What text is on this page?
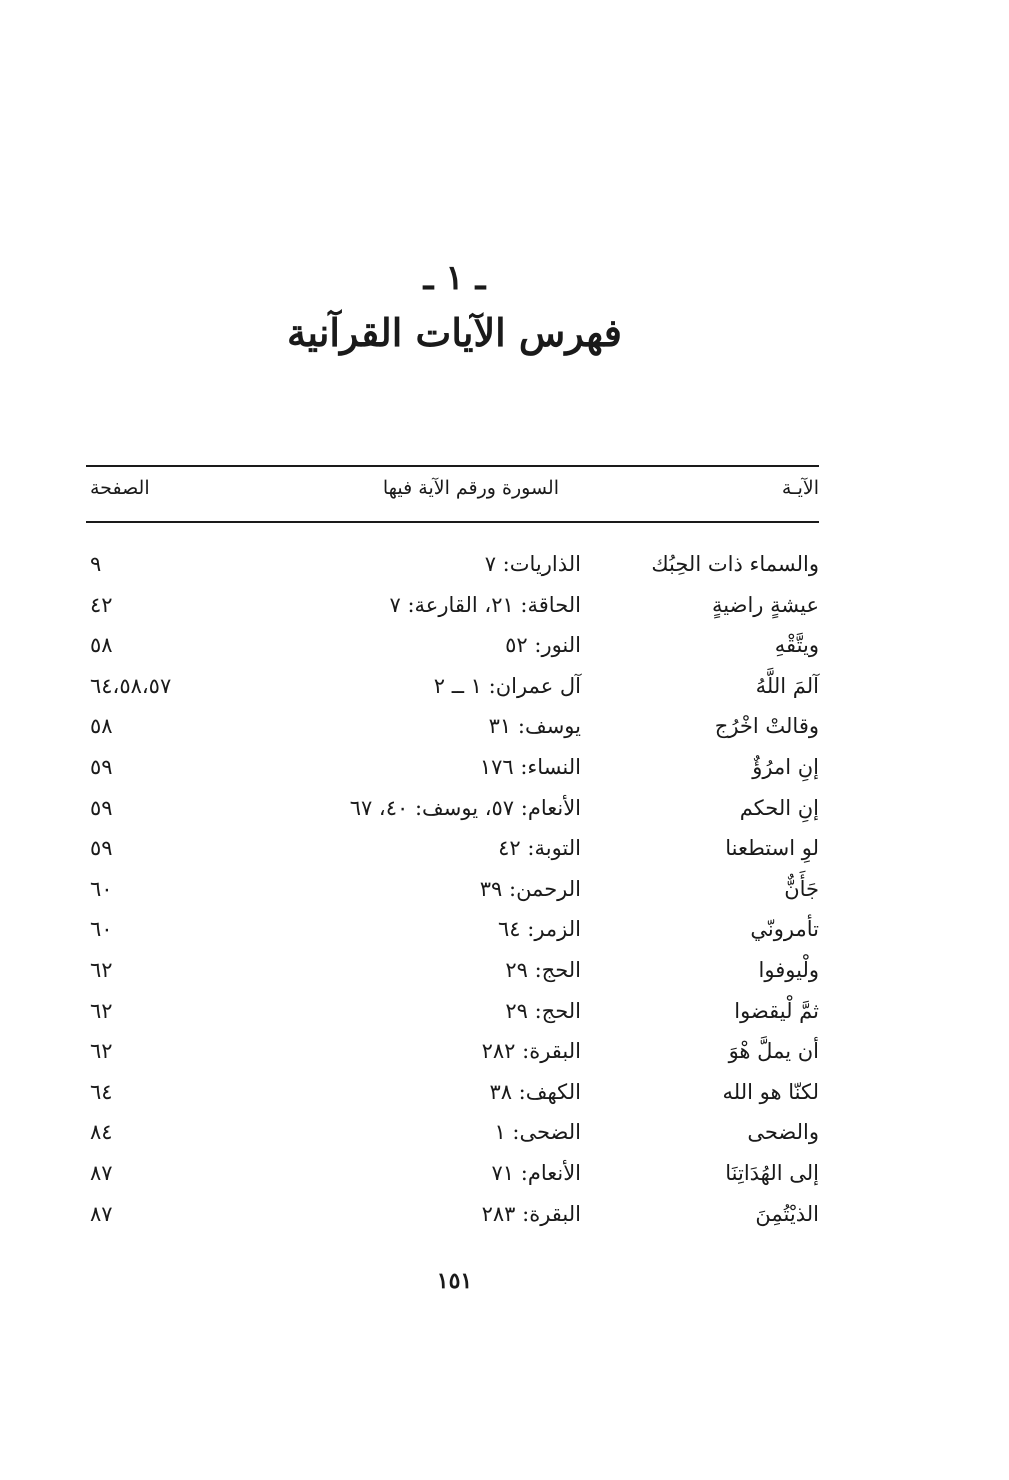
ـ ١ ـ
فهرس الآيات القرآنية
الآيـة
السورة ورقم الآية فيها
الصفحة
والسماء ذات الحِبُك
الذاريات: ٧
٩
عيشةٍ راضيةٍ
الحاقة: ٢١، القارعة: ٧
٤٢
ويتَّقْهِ
النور: ٥٢
٥٨
آلمَ اللَّهُ
آل عمران: ١ ــ ٢
٦٤،٥٨،٥٧
وقالتْ اخْرُج
يوسف: ٣١
٥٨
إنِ امرُؤٌ
النساء: ١٧٦
٥٩
إنِ الحكم
الأنعام: ٥٧، يوسف: ٤٠، ٦٧
٥٩
لوِ استطعنا
التوبة: ٤٢
٥٩
جَأَنٌّ
الرحمن: ٣٩
٦٠
تأمرونّي
الزمر: ٦٤
٦٠
ولْيوفوا
الحج: ٢٩
٦٢
ثمَّ لْيقضوا
الحج: ٢٩
٦٢
أن يملَّ هْوَ
البقرة: ٢٨٢
٦٢
لكنّا هو الله
الكهف: ٣٨
٦٤
والضحى
الضحى: ١
٨٤
إلى الهُدَاتِنَا
الأنعام: ٧١
٨٧
الذيْتُمِنَ
البقرة: ٢٨٣
٨٧
١٥١
